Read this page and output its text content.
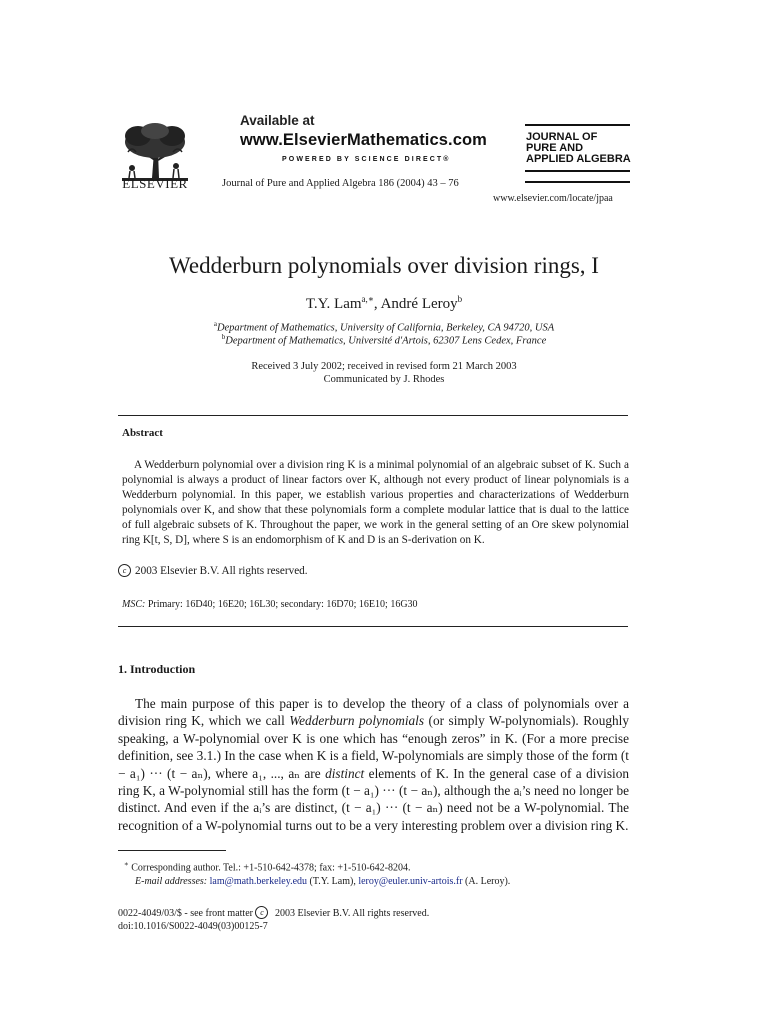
ELSEVIER
Available at
www.ElsevierMathematics.com
POWERED BY SCIENCE DIRECT®
Journal of Pure and Applied Algebra 186 (2004) 43 – 76
JOURNAL OF
PURE AND
APPLIED ALGEBRA
www.elsevier.com/locate/jpaa
Wedderburn polynomials over division rings, I
T.Y. Lam$^{a,∗}$, André Leroy$^b$
$^a$Department of Mathematics, University of California, Berkeley, CA 94720, USA
$^b$Department of Mathematics, Université d'Artois, 62307 Lens Cedex, France
Received 3 July 2002; received in revised form 21 March 2003
Communicated by J. Rhodes
Abstract
A Wedderburn polynomial over a division ring K is a minimal polynomial of an algebraic subset of K. Such a polynomial is always a product of linear factors over K, although not every product of linear polynomials is a Wedderburn polynomial. In this paper, we establish various properties and characterizations of Wedderburn polynomials over K, and show that these polynomials form a complete modular lattice that is dual to the lattice of full algebraic subsets of K. Throughout the paper, we work in the general setting of an Ore skew polynomial ring K[t, S, D], where S is an endomorphism of K and D is an S-derivation on K.
c 2003 Elsevier B.V. All rights reserved.
MSC: Primary: 16D40; 16E20; 16L30; secondary: 16D70; 16E10; 16G30
1. Introduction
The main purpose of this paper is to develop the theory of a class of polynomials over a division ring K, which we call Wedderburn polynomials (or simply W-polynomials). Roughly speaking, a W-polynomial over K is one which has “enough zeros” in K. (For a more precise definition, see 3.1.) In the case when K is a field, W-polynomials are simply those of the form (t − a₁) ··· (t − aₙ), where a₁, ..., aₙ are distinct elements of K. In the general case of a division ring K, a W-polynomial still has the form (t − a₁) ··· (t − aₙ), although the aᵢ’s need no longer be distinct. And even if the aᵢ’s are distinct, (t − a₁) ··· (t − aₙ) need not be a W-polynomial. The recognition of a W-polynomial turns out to be a very interesting problem over a division ring K.
∗ Corresponding author. Tel.: +1-510-642-4378; fax: +1-510-642-8204.
E-mail addresses: lam@math.berkeley.edu (T.Y. Lam), leroy@euler.univ-artois.fr (A. Leroy).
0022-4049/03/$ - see front matter c 2003 Elsevier B.V. All rights reserved.
doi:10.1016/S0022-4049(03)00125-7
